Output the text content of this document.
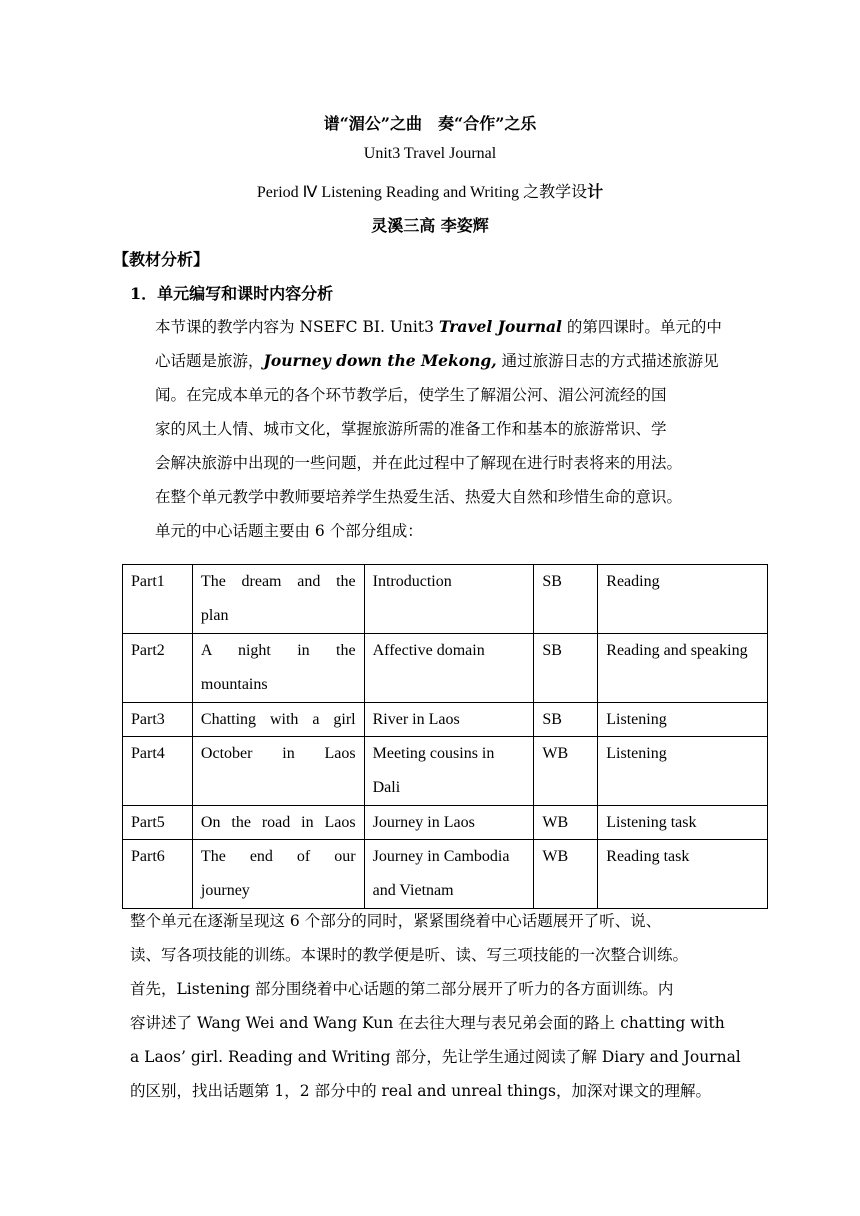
谱“湄公”之曲　奏“合作”之乐
Unit3 Travel Journal
Period Ⅳ Listening Reading and Writing 之教学设计
灵溪三高 李姿辉
【教材分析】
1．单元编写和课时内容分析
本节课的教学内容为 NSEFC BI. Unit3 Travel Journal 的第四课时。单元的中
心话题是旅游，Journey down the Mekong, 通过旅游日志的方式描述旅游见
闻。在完成本单元的各个环节教学后，使学生了解湄公河、湄公河流经的国
家的风土人情、城市文化，掌握旅游所需的准备工作和基本的旅游常识、学
会解决旅游中出现的一些问题，并在此过程中了解现在进行时表将来的用法。
在整个单元教学中教师要培养学生热爱生活、热爱大自然和珍惜生命的意识。
单元的中心话题主要由 6 个部分组成：
Part1	The dream and the
plan	Introduction	SB	Reading

Part2	A night in the
mountains	Affective domain	SB	Reading and speaking

Part3	Chatting with a girl	River in Laos	SB	Listening

Part4	October in Laos	Meeting cousins in
Dali	WB	Listening

Part5	On the road in Laos	Journey in Laos	WB	Listening task

Part6	The end of our
journey	Journey in Cambodia
and Vietnam	WB	Reading task
整个单元在逐渐呈现这 6 个部分的同时，紧紧围绕着中心话题展开了听、说、
读、写各项技能的训练。本课时的教学便是听、读、写三项技能的一次整合训练。
首先，Listening 部分围绕着中心话题的第二部分展开了听力的各方面训练。内
容讲述了 Wang Wei and Wang Kun 在去往大理与表兄弟会面的路上 chatting with
a Laos’ girl. Reading and Writing 部分，先让学生通过阅读了解 Diary and Journal
的区别，找出话题第 1，2 部分中的 real and unreal things，加深对课文的理解。
